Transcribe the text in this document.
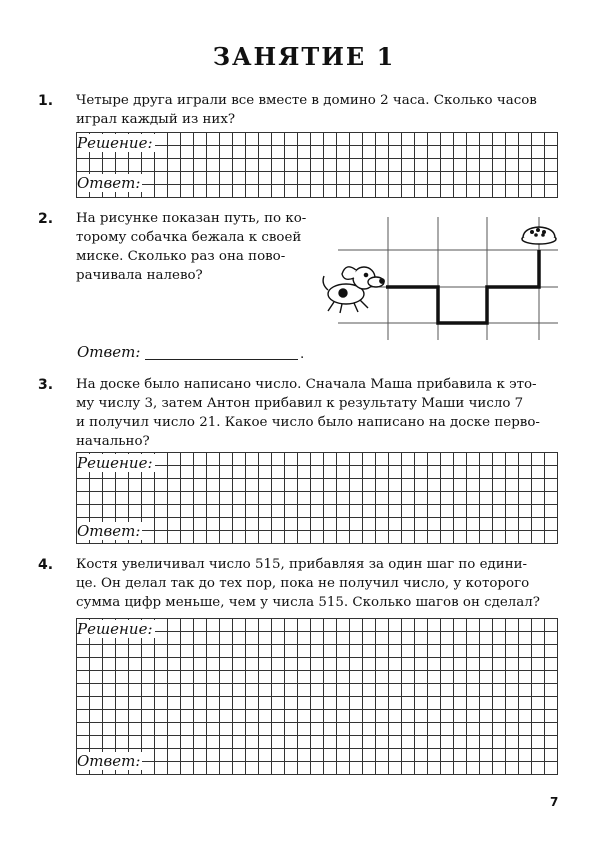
ЗАНЯТИЕ 1
1. Четыре друга играли все вместе в домино 2 часа. Сколько часов
играл каждый из них?
Решение:
Ответ:
2. На рисунке показан путь, по ко-
торому собачка бежала к своей
миске. Сколько раз она пово-
рачивала налево?
Ответ:	.
3. На доске было написано число. Сначала Маша прибавила к это-
му числу 3, затем Антон прибавил к результату Маши число 7
и получил число 21. Какое число было написано на доске перво-
начально?
Решение:
Ответ:
4. Костя увеличивал число 515, прибавляя за один шаг по едини-
це. Он делал так до тех пор, пока не получил число, у которого
сумма цифр меньше, чем у числа 515. Сколько шагов он сделал?
Решение:
Ответ:
7
